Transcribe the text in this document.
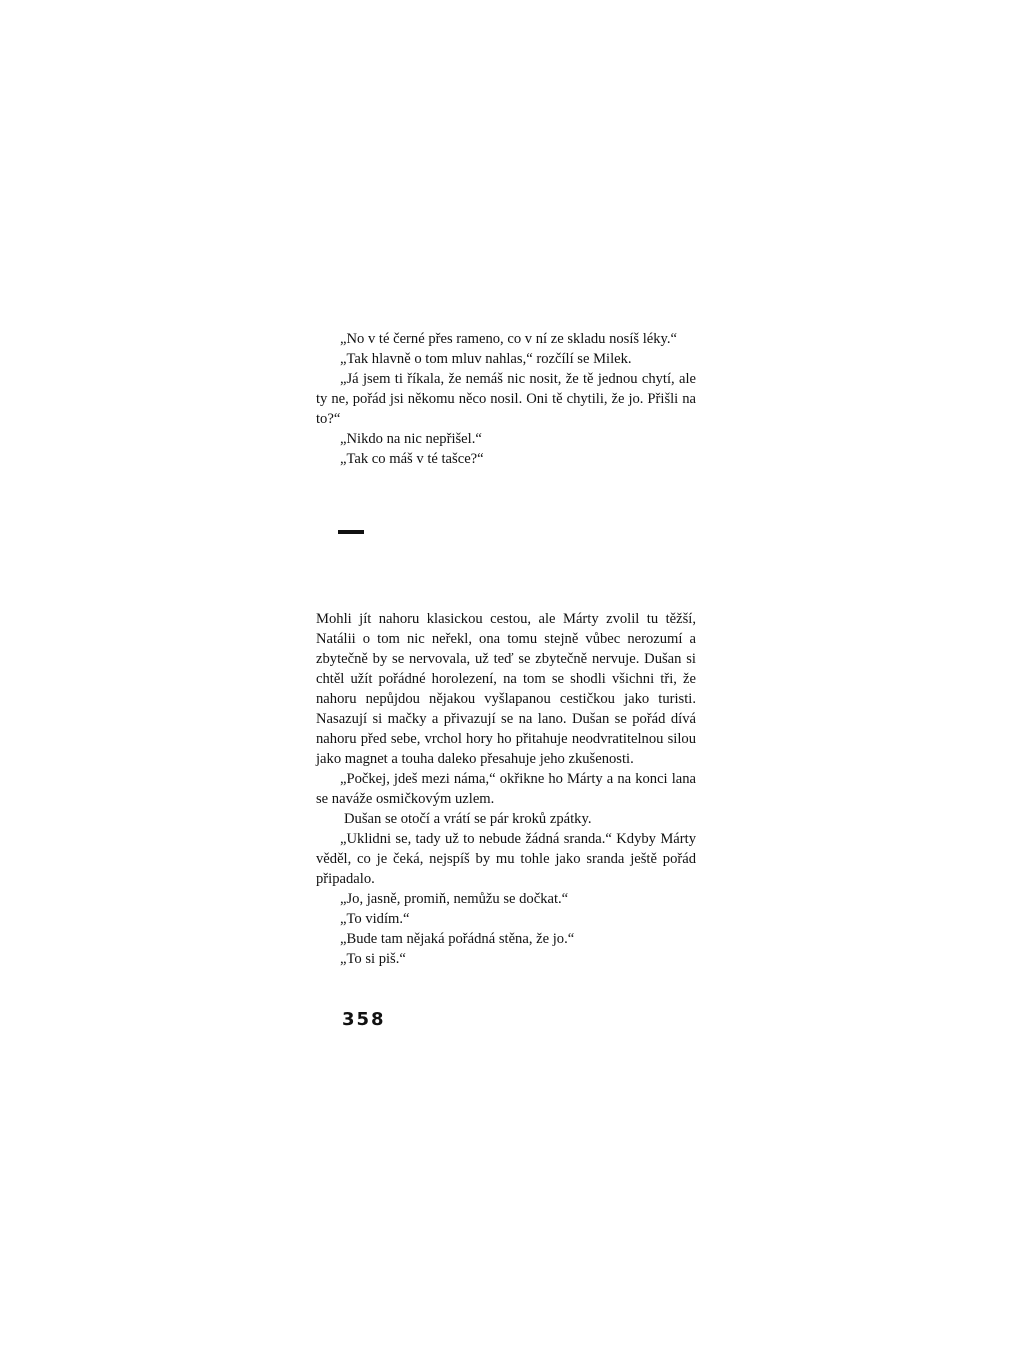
„No v té černé přes rameno, co v ní ze skladu nosíš léky.“

„Tak hlavně o tom mluv nahlas,“ rozčílí se Milek.

„Já jsem ti říkala, že nemáš nic nosit, že tě jednou chytí, ale ty ne, pořád jsi někomu něco nosil. Oni tě chytili, že jo. Přišli na to?“

„Nikdo na nic nepřišel.“

„Tak co máš v té tašce?“

Mohli jít nahoru klasickou cestou, ale Márty zvolil tu těžší, Natálii o tom nic neřekl, ona tomu stejně vůbec nerozumí a zbytečně by se nervovala, už teď se zbytečně nervuje. Dušan si chtěl užít pořádné horolezení, na tom se shodli všichni tři, že nahoru nepůjdou nějakou vyšlapanou cestičkou jako turisti. Nasazují si mačky a přivazují se na lano. Dušan se pořád dívá nahoru před sebe, vrchol hory ho přitahuje neodvratitelnou silou jako magnet a touha daleko přesahuje jeho zkušenosti.

„Počkej, jdeš mezi náma,“ okřikne ho Márty a na konci lana se naváže osmičkovým uzlem.

Dušan se otočí a vrátí se pár kroků zpátky.

„Uklidni se, tady už to nebude žádná sranda.“ Kdyby Márty věděl, co je čeká, nejspíš by mu tohle jako sranda ještě pořád připadalo.

„Jo, jasně, promiň, nemůžu se dočkat.“

„To vidím.“

„Bude tam nějaká pořádná stěna, že jo.“

„To si piš.“

358
